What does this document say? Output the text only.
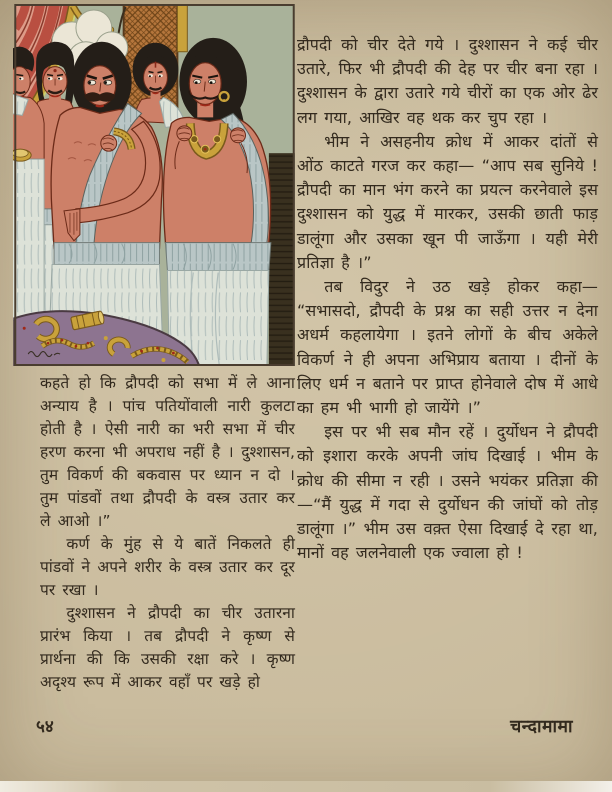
कहते हो कि द्रौपदी को सभा में ले आना अन्याय है । पांच पतियोंवाली नारी कुलटा होती है । ऐसी नारी का भरी सभा में चीर हरण करना भी अपराध नहीं है । दुश्शासन, तुम विकर्ण की बकवास पर ध्यान न दो । तुम पांडवों तथा द्रौपदी के वस्त्र उतार कर ले आओ ।”

कर्ण के मुंह से ये बातें निकलते ही पांडवों ने अपने शरीर के वस्त्र उतार कर दूर पर रखा ।

दुश्शासन ने द्रौपदी का चीर उतारना प्रारंभ किया । तब द्रौपदी ने कृष्ण से प्रार्थना की कि उसकी रक्षा करे । कृष्ण अदृश्य रूप में आकर वहाँ पर खड़े हो

द्रौपदी को चीर देते गये । दुश्शासन ने कई चीर उतारे, फिर भी द्रौपदी की देह पर चीर बना रहा । दुश्शासन के द्वारा उतारे गये चीरों का एक ओर ढेर लग गया, आखिर वह थक कर चुप रहा ।

भीम ने असहनीय क्रोध में आकर दांतों से ओंठ काटते गरज कर कहा— “आप सब सुनिये ! द्रौपदी का मान भंग करने का प्रयत्न करनेवाले इस दुश्शासन को युद्ध में मारकर, उसकी छाती फाड़ डालूंगा और उसका खून पी जाऊँगा । यही मेरी प्रतिज्ञा है ।”

तब विदुर ने उठ खड़े होकर कहा— “सभासदो, द्रौपदी के प्रश्न का सही उत्तर न देना अधर्म कहलायेगा । इतने लोगों के बीच अकेले विकर्ण ने ही अपना अभिप्राय बताया । दीनों के लिए धर्म न बताने पर प्राप्त होनेवाले दोष में आधे का हम भी भागी हो जायेंगे ।”

इस पर भी सब मौन रहें । दुर्योधन ने द्रौपदी को इशारा करके अपनी जांघ दिखाई । भीम के क्रोध की सीमा न रही । उसने भयंकर प्रतिज्ञा की—“मैं युद्ध में गदा से दुर्योधन की जांघों को तोड़ डालूंगा ।” भीम उस वक़्त ऐसा दिखाई दे रहा था, मानों वह जलनेवाली एक ज्वाला हो !

५४	चन्दामामा
